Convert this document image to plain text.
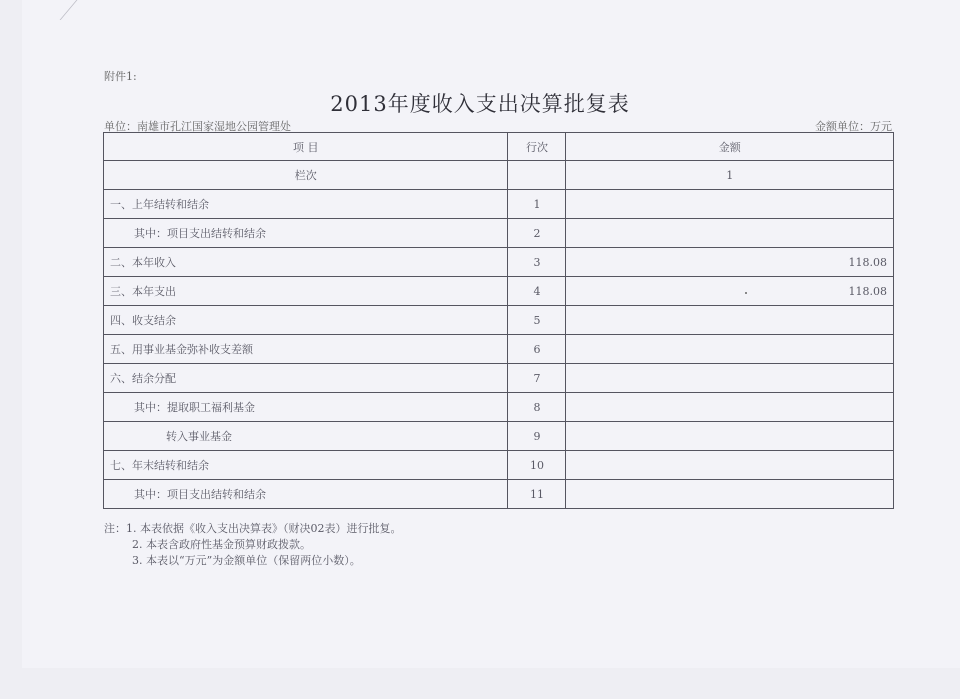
附件1:
2013年度收入支出决算批复表
单位：南雄市孔江国家湿地公园管理处	金额单位：万元
项 目	行次	金额
栏次		1
一、上年结转和结余	1	
其中：项目支出结转和结余	2	
二、本年收入	3	118.08
三、本年支出	4	118.08
四、收支结余	5	
五、用事业基金弥补收支差额	6	
六、结余分配	7	
其中：提取职工福利基金	8	
转入事业基金	9	
七、年末结转和结余	10	
其中：项目支出结转和结余	11	
注：1. 本表依据《收入支出决算表》（财决02表）进行批复。
2. 本表含政府性基金预算财政拨款。
3. 本表以“万元”为金额单位（保留两位小数）。
